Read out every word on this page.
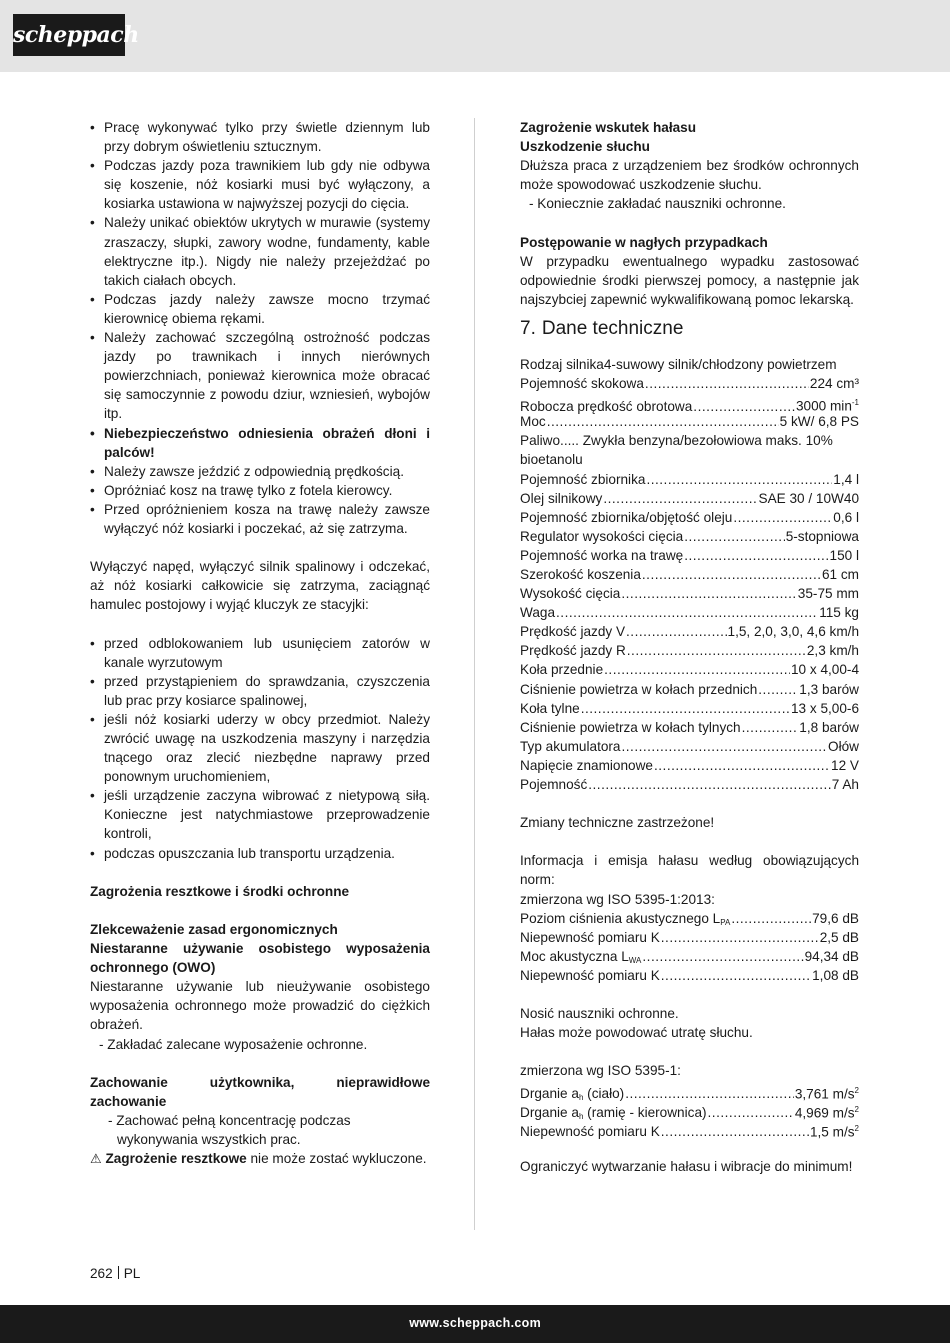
scheppach
• Pracę wykonywać tylko przy świetle dziennym lub przy dobrym oświetleniu sztucznym.
• Podczas jazdy poza trawnikiem lub gdy nie odbywa się koszenie, nóż kosiarki musi być wyłączony, a kosiarka ustawiona w najwyższej pozycji do cięcia.
• Należy unikać obiektów ukrytych w murawie (systemy zraszaczy, słupki, zawory wodne, fundamenty, kable elektryczne itp.). Nigdy nie należy przejeżdżać po takich ciałach obcych.
• Podczas jazdy należy zawsze mocno trzymać kierownicę obiema rękami.
• Należy zachować szczególną ostrożność podczas jazdy po trawnikach i innych nierównych powierzchniach, ponieważ kierownica może obracać się samoczynnie z powodu dziur, wzniesień, wybojów itp.
• Niebezpieczeństwo odniesienia obrażeń dłoni i palców!
• Należy zawsze jeździć z odpowiednią prędkością.
• Opróżniać kosz na trawę tylko z fotela kierowcy.
• Przed opróżnieniem kosza na trawę należy zawsze wyłączyć nóż kosiarki i poczekać, aż się zatrzyma.

Wyłączyć napęd, wyłączyć silnik spalinowy i odczekać, aż nóż kosiarki całkowicie się zatrzyma, zaciągnąć hamulec postojowy i wyjąć kluczyk ze stacyjki:

• przed odblokowaniem lub usunięciem zatorów w kanale wyrzutowym
• przed przystąpieniem do sprawdzania, czyszczenia lub prac przy kosiarce spalinowej,
• jeśli nóż kosiarki uderzy w obcy przedmiot. Należy zwrócić uwagę na uszkodzenia maszyny i narzędzia tnącego oraz zlecić niezbędne naprawy przed ponownym uruchomieniem,
• jeśli urządzenie zaczyna wibrować z nietypową siłą. Konieczne jest natychmiastowe przeprowadzenie kontroli,
• podczas opuszczania lub transportu urządzenia.

Zagrożenia resztkowe i środki ochronne

Zlekceważenie zasad ergonomicznych

Niestaranne używanie osobistego wyposażenia ochronnego (OWO)

Niestaranne używanie lub nieużywanie osobistego wyposażenia ochronnego może prowadzić do ciężkich obrażeń.

- Zakładać zalecane wyposażenie ochronne.

Zachowanie użytkownika, nieprawidłowe zachowanie

- Zachować pełną koncentrację podczas wykonywania wszystkich prac.

⚠ Zagrożenie resztkowe nie może zostać wykluczone.

Zagrożenie wskutek hałasu

Uszkodzenie słuchu

Dłuższa praca z urządzeniem bez środków ochronnych może spowodować uszkodzenie słuchu.

- Koniecznie zakładać nauszniki ochronne.

Postępowanie w nagłych przypadkach

W przypadku ewentualnego wypadku zastosować odpowiednie środki pierwszej pomocy, a następnie jak najszybciej zapewnić wykwalifikowaną pomoc lekarską.

7. Dane techniczne

Rodzaj silnika4-suwowy silnik/chłodzony powietrzem

Pojemność skokowa .....	224 cm³
Robocza prędkość obrotowa .....	3000 $\min^{-1}$
Moc .....	5 kW/ 6,8 PS

Paliwo..... Zwykła benzyna/bezołowiowa maks. 10% bioetanolu

Pojemność zbiornika .....	1,4 l
Olej silnikowy .....	SAE 30 / 10W40
Pojemność zbiornika/objętość oleju .....	0,6 l
Regulator wysokości cięcia .....	5-stopniowa
Pojemność worka na trawę .....	150 l
Szerokość koszenia .....	61 cm
Wysokość cięcia .....	35-75 mm
Waga .....	115 kg
Prędkość jazdy V .....	1,5, 2,0, 3,0, 4,6 km/h
Prędkość jazdy R .....	2,3 km/h
Koła przednie .....	10 x 4,00-4
Ciśnienie powietrza w kołach przednich .....	1,3 barów
Koła tylne .....	13 x 5,00-6
Ciśnienie powietrza w kołach tylnych .....	1,8 barów
Typ akumulatora .....	Ołów
Napięcie znamionowe .....	12 V
Pojemność .....	7 Ah

Zmiany techniczne zastrzeżone!

Informacja i emisja hałasu według obowiązujących norm:

zmierzona wg ISO 5395-1:2013:

Poziom ciśnienia akustycznego $L_{PA}$ .....	79,6 dB
Niepewność pomiaru K .....	2,5 dB
Moc akustyczna $L_{WA}$ .....	94,34 dB
Niepewność pomiaru K .....	1,08 dB

Nosić nauszniki ochronne.

Hałas może powodować utratę słuchu.

zmierzona wg ISO 5395-1:

Drganie $a_h$ (ciało) .....	3,761 $m/s^2$
Drganie $a_h$ (ramię - kierownica) .....	4,969 $m/s^2$
Niepewność pomiaru K .....	1,5 $m/s^2$

Ograniczyć wytwarzanie hałasu i wibracje do minimum!

262 PL
www.scheppach.com
